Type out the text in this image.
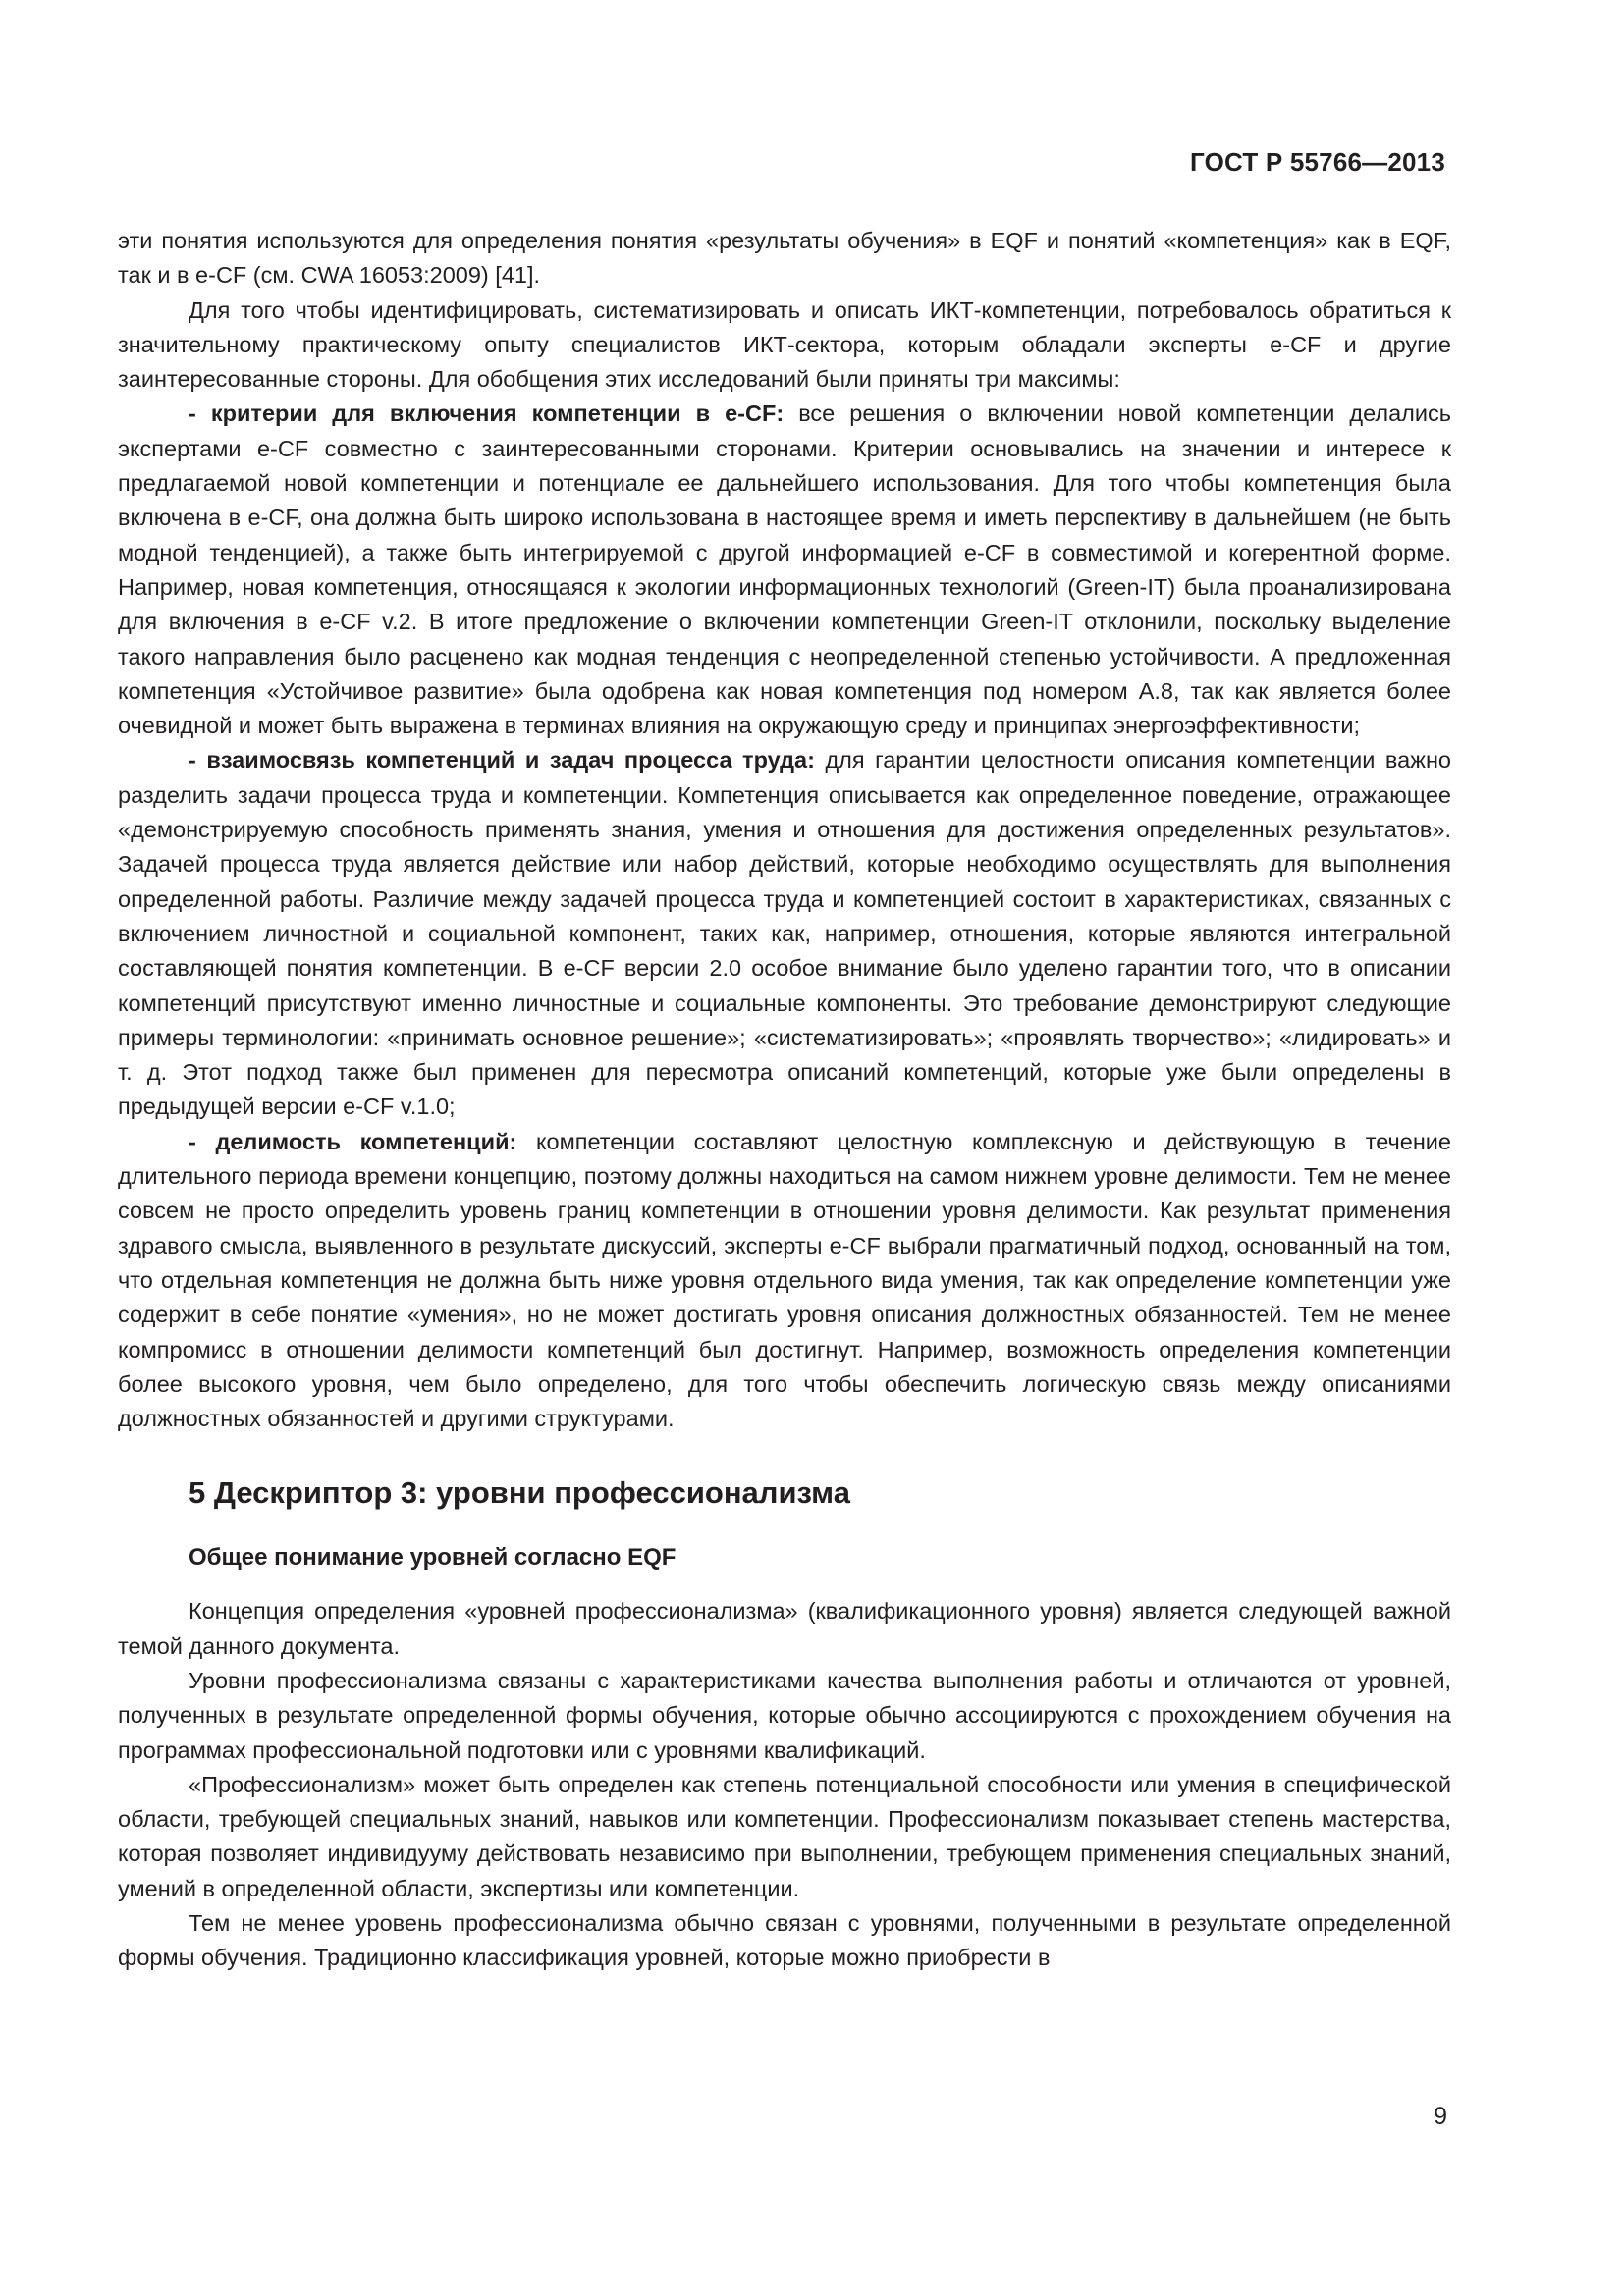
ГОСТ Р 55766—2013

эти понятия используются для определения понятия «результаты обучения» в EQF и понятий «компетенция» как в EQF, так и в e-CF (см. CWA 16053:2009) [41].

Для того чтобы идентифицировать, систематизировать и описать ИКТ-компетенции, потребовалось обратиться к значительному практическому опыту специалистов ИКТ-сектора, которым обладали эксперты e-CF и другие заинтересованные стороны. Для обобщения этих исследований были приняты три максимы:

- критерии для включения компетенции в e-CF: все решения о включении новой компетенции делались экспертами e-CF совместно с заинтересованными сторонами. Критерии основывались на значении и интересе к предлагаемой новой компетенции и потенциале ее дальнейшего использования. Для того чтобы компетенция была включена в e-CF, она должна быть широко использована в настоящее время и иметь перспективу в дальнейшем (не быть модной тенденцией), а также быть интегрируемой с другой информацией e-CF в совместимой и когерентной форме. Например, новая компетенция, относящаяся к экологии информационных технологий (Green-IT) была проанализирована для включения в e-CF v.2. В итоге предложение о включении компетенции Green-IT отклонили, поскольку выделение такого направления было расценено как модная тенденция с неопределенной степенью устойчивости. А предложенная компетенция «Устойчивое развитие» была одобрена как новая компетенция под номером А.8, так как является более очевидной и может быть выражена в терминах влияния на окружающую среду и принципах энергоэффективности;

- взаимосвязь компетенций и задач процесса труда: для гарантии целостности описания компетенции важно разделить задачи процесса труда и компетенции. Компетенция описывается как определенное поведение, отражающее «демонстрируемую способность применять знания, умения и отношения для достижения определенных результатов». Задачей процесса труда является действие или набор действий, которые необходимо осуществлять для выполнения определенной работы. Различие между задачей процесса труда и компетенцией состоит в характеристиках, связанных с включением личностной и социальной компонент, таких как, например, отношения, которые являются интегральной составляющей понятия компетенции. В e-CF версии 2.0 особое внимание было уделено гарантии того, что в описании компетенций присутствуют именно личностные и социальные компоненты. Это требование демонстрируют следующие примеры терминологии: «принимать основное решение»; «систематизировать»; «проявлять творчество»; «лидировать» и т. д. Этот подход также был применен для пересмотра описаний компетенций, которые уже были определены в предыдущей версии e-CF v.1.0;

- делимость компетенций: компетенции составляют целостную комплексную и действующую в течение длительного периода времени концепцию, поэтому должны находиться на самом нижнем уровне делимости. Тем не менее совсем не просто определить уровень границ компетенции в отношении уровня делимости. Как результат применения здравого смысла, выявленного в результате дискуссий, эксперты e-CF выбрали прагматичный подход, основанный на том, что отдельная компетенция не должна быть ниже уровня отдельного вида умения, так как определение компетенции уже содержит в себе понятие «умения», но не может достигать уровня описания должностных обязанностей. Тем не менее компромисс в отношении делимости компетенций был достигнут. Например, возможность определения компетенции более высокого уровня, чем было определено, для того чтобы обеспечить логическую связь между описаниями должностных обязанностей и другими структурами.

5 Дескриптор 3: уровни профессионализма
Общее понимание уровней согласно EQF

Концепция определения «уровней профессионализма» (квалификационного уровня) является следующей важной темой данного документа.

Уровни профессионализма связаны с характеристиками качества выполнения работы и отличаются от уровней, полученных в результате определенной формы обучения, которые обычно ассоциируются с прохождением обучения на программах профессиональной подготовки или с уровнями квалификаций.

«Профессионализм» может быть определен как степень потенциальной способности или умения в специфической области, требующей специальных знаний, навыков или компетенции. Профессионализм показывает степень мастерства, которая позволяет индивидууму действовать независимо при выполнении, требующем применения специальных знаний, умений в определенной области, экспертизы или компетенции.

Тем не менее уровень профессионализма обычно связан с уровнями, полученными в результате определенной формы обучения. Традиционно классификация уровней, которые можно приобрести в

9
